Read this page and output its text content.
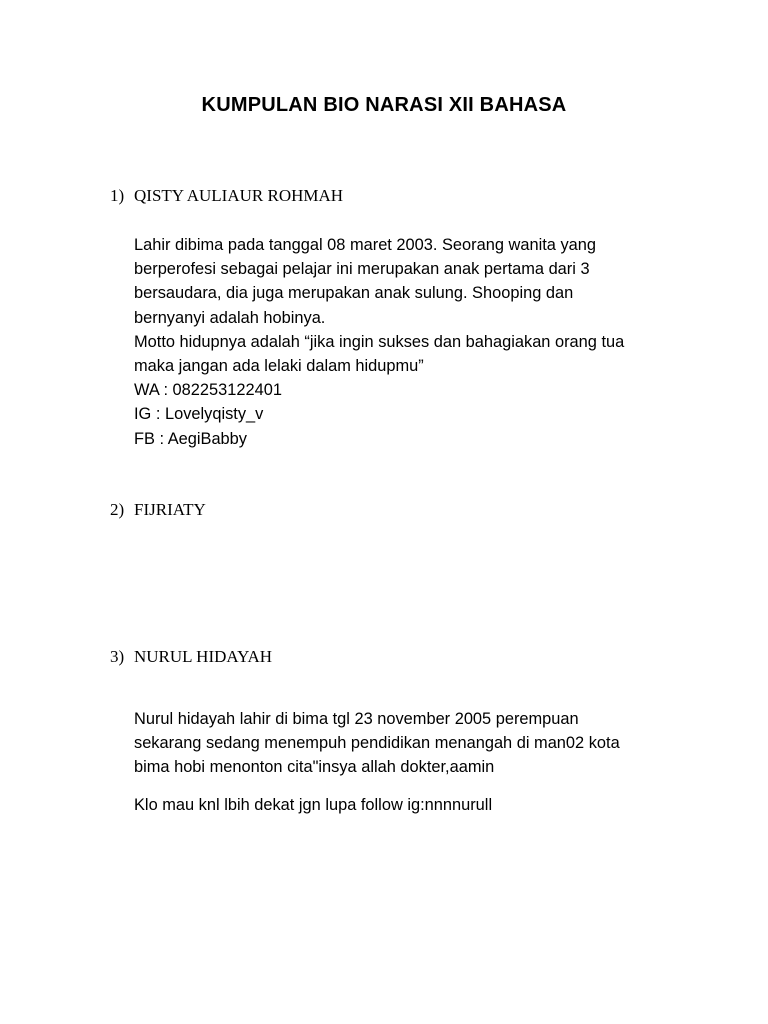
KUMPULAN BIO NARASI XII BAHASA
1) QISTY AULIAUR ROHMAH
Lahir dibima pada tanggal 08 maret 2003. Seorang wanita yang
berperofesi sebagai pelajar ini merupakan anak pertama dari 3
bersaudara, dia juga merupakan anak sulung. Shooping dan
bernyanyi adalah hobinya.
Motto hidupnya adalah “jika ingin sukses dan bahagiakan orang tua
maka jangan ada lelaki dalam hidupmu”
WA : 082253122401
IG : Lovelyqisty_v
FB : AegiBabby
2) FIJRIATY
3) NURUL HIDAYAH
Nurul hidayah lahir di bima tgl 23 november 2005 perempuan
sekarang sedang menempuh pendidikan menangah di man02 kota
bima hobi menonton cita"insya allah dokter,aamin
Klo mau knl lbih dekat jgn lupa follow ig:nnnnurull
